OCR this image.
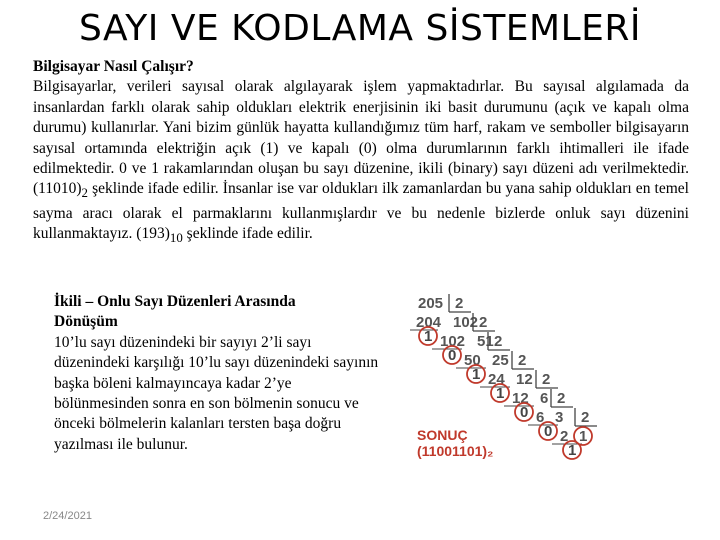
SAYI VE KODLAMA SİSTEMLERİ
Bilgisayar Nasıl Çalışır?
Bilgisayarlar, verileri sayısal olarak algılayarak işlem yapmaktadırlar. Bu sayısal algılamada da insanlardan farklı olarak sahip oldukları elektrik enerjisinin iki basit durumunu (açık ve kapalı olma durumu) kullanırlar. Yani bizim günlük hayatta kullandığımız tüm harf, rakam ve semboller bilgisayarın sayısal ortamında elektriğin açık (1) ve kapalı (0) olma durumlarının farklı ihtimalleri ile ifade edilmektedir. 0 ve 1 rakamlarından oluşan bu sayı düzenine, ikili (binary) sayı düzeni adı verilmektedir. $(11010)_2$ şeklinde ifade edilir. İnsanlar ise var oldukları ilk zamanlardan bu yana sahip oldukları en temel sayma aracı olarak el parmaklarını kullanmışlardır ve bu nedenle bizlerde onluk sayı düzenini kullanmaktayız. $(193)_{10}$ şeklinde ifade edilir.
İkili – Onlu Sayı Düzenleri Arasında
Dönüşüm
10’lu sayı düzenindeki bir sayıyı 2’li sayı düzenindeki karşılığı 10’lu sayı düzenindeki sayının başka böleni kalmayıncaya kadar 2’ye bölünmesinden sonra en son bölmenin sonucu ve önceki bölmelerin kalanları tersten başa doğru yazılması ile bulunur.
205 2
204 102
1
2
102 51
0
2
50 25
1
2
24 12
1
2
12 6
0
2
6 3
0
2
2 1
1
SONUÇ
(11001101)₂
2/24/2021
